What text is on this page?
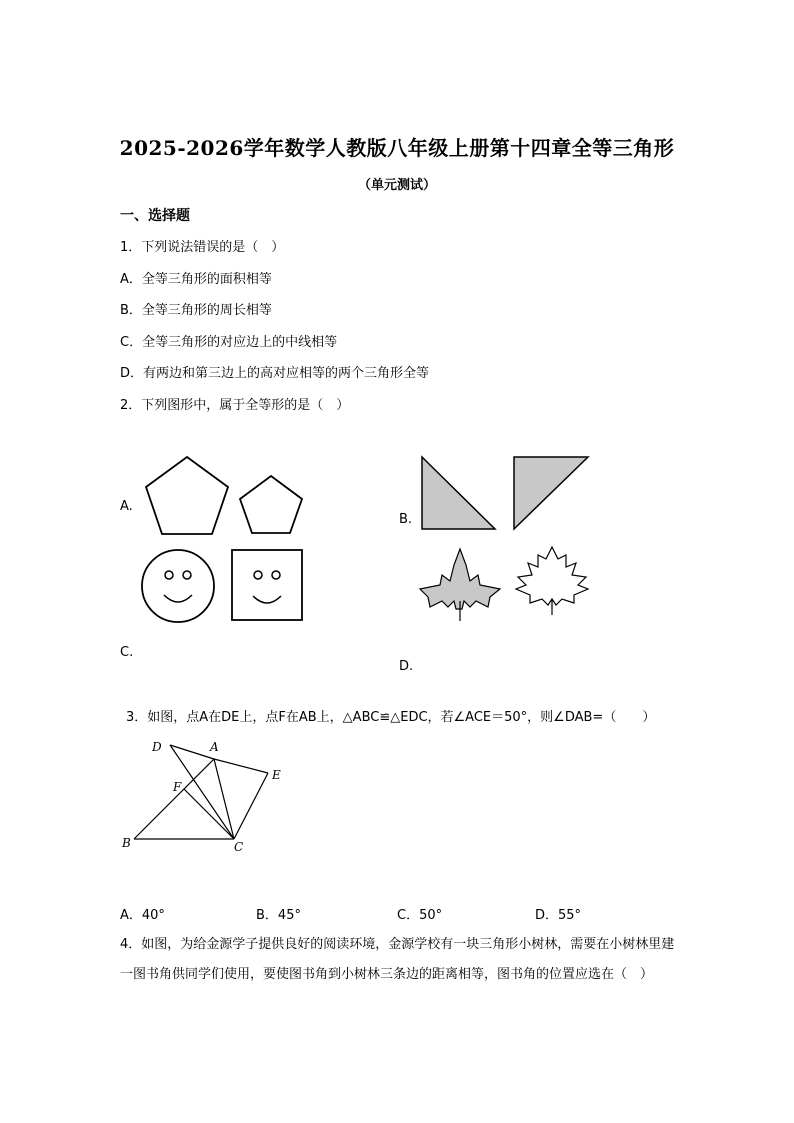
2025-2026学年数学人教版八年级上册第十四章全等三角形
（单元测试）
一、选择题
1．下列说法错误的是（　）
A．全等三角形的面积相等
B．全等三角形的周长相等
C．全等三角形的对应边上的中线相等
D．有两边和第三边上的高对应相等的两个三角形全等
2．下列图形中，属于全等形的是（　）
A.
B.
C.
D.
3．如图，点A在DE上，点F在AB上，△ABC≌△EDC，若∠ACE＝50°，则∠DAB=（　　）
D	A
E
F
B	C
A．40°	B．45°	C．50°	D．55°
4．如图，为给金源学子提供良好的阅读环境，金源学校有一块三角形小树林，需要在小树林里建一图书角供同学们使用，要使图书角到小树林三条边的距离相等，图书角的位置应选在（　）
